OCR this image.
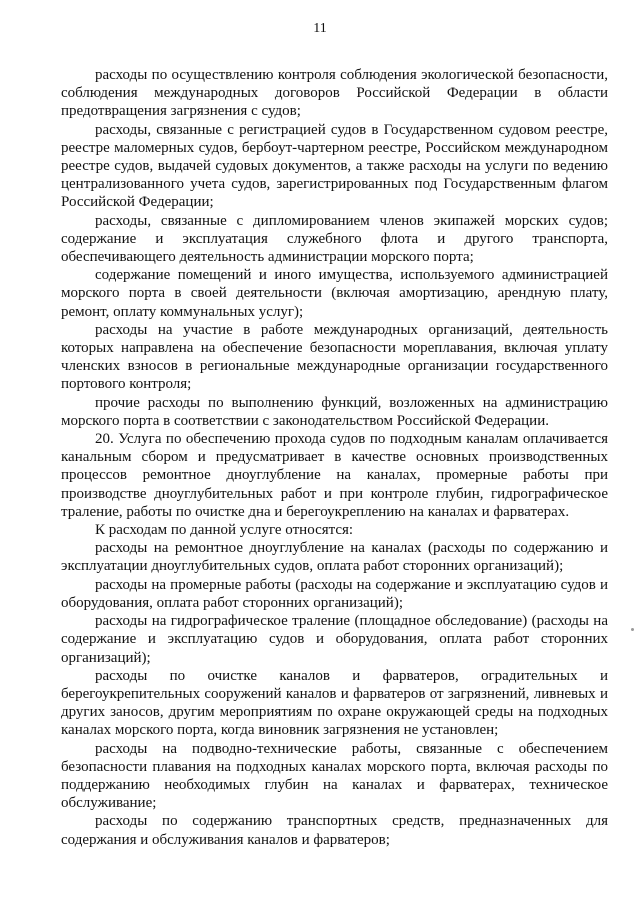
11

расходы по осуществлению контроля соблюдения экологической безопасности, соблюдения международных договоров Российской Федерации в области предотвращения загрязнения с судов;

расходы, связанные с регистрацией судов в Государственном судовом реестре, реестре маломерных судов, бербоут-чартерном реестре, Российском международном реестре судов, выдачей судовых документов, а также расходы на услуги по ведению централизованного учета судов, зарегистрированных под Государственным флагом Российской Федерации;

расходы, связанные с дипломированием членов экипажей морских судов; содержание и эксплуатация служебного флота и другого транспорта, обеспечивающего деятельность администрации морского порта;

содержание помещений и иного имущества, используемого администрацией морского порта в своей деятельности (включая амортизацию, арендную плату, ремонт, оплату коммунальных услуг);

расходы на участие в работе международных организаций, деятельность которых направлена на обеспечение безопасности мореплавания, включая уплату членских взносов в региональные международные организации государственного портового контроля;

прочие расходы по выполнению функций, возложенных на администрацию морского порта в соответствии с законодательством Российской Федерации.

20. Услуга по обеспечению прохода судов по подходным каналам оплачивается канальным сбором и предусматривает в качестве основных производственных процессов ремонтное дноуглубление на каналах, промерные работы при производстве дноуглубительных работ и при контроле глубин, гидрографическое траление, работы по очистке дна и берегоукреплению на каналах и фарватерах.

К расходам по данной услуге относятся:

расходы на ремонтное дноуглубление на каналах (расходы по содержанию и эксплуатации дноуглубительных судов, оплата работ сторонних организаций);

расходы на промерные работы (расходы на содержание и эксплуатацию судов и оборудования, оплата работ сторонних организаций);

расходы на гидрографическое траление (площадное обследование) (расходы на содержание и эксплуатацию судов и оборудования, оплата работ сторонних организаций);

расходы по очистке каналов и фарватеров, оградительных и берегоукрепительных сооружений каналов и фарватеров от загрязнений, ливневых и других заносов, другим мероприятиям по охране окружающей среды на подходных каналах морского порта, когда виновник загрязнения не установлен;

расходы на подводно-технические работы, связанные с обеспечением безопасности плавания на подходных каналах морского порта, включая расходы по поддержанию необходимых глубин на каналах и фарватерах, техническое обслуживание;

расходы по содержанию транспортных средств, предназначенных для содержания и обслуживания каналов и фарватеров;
